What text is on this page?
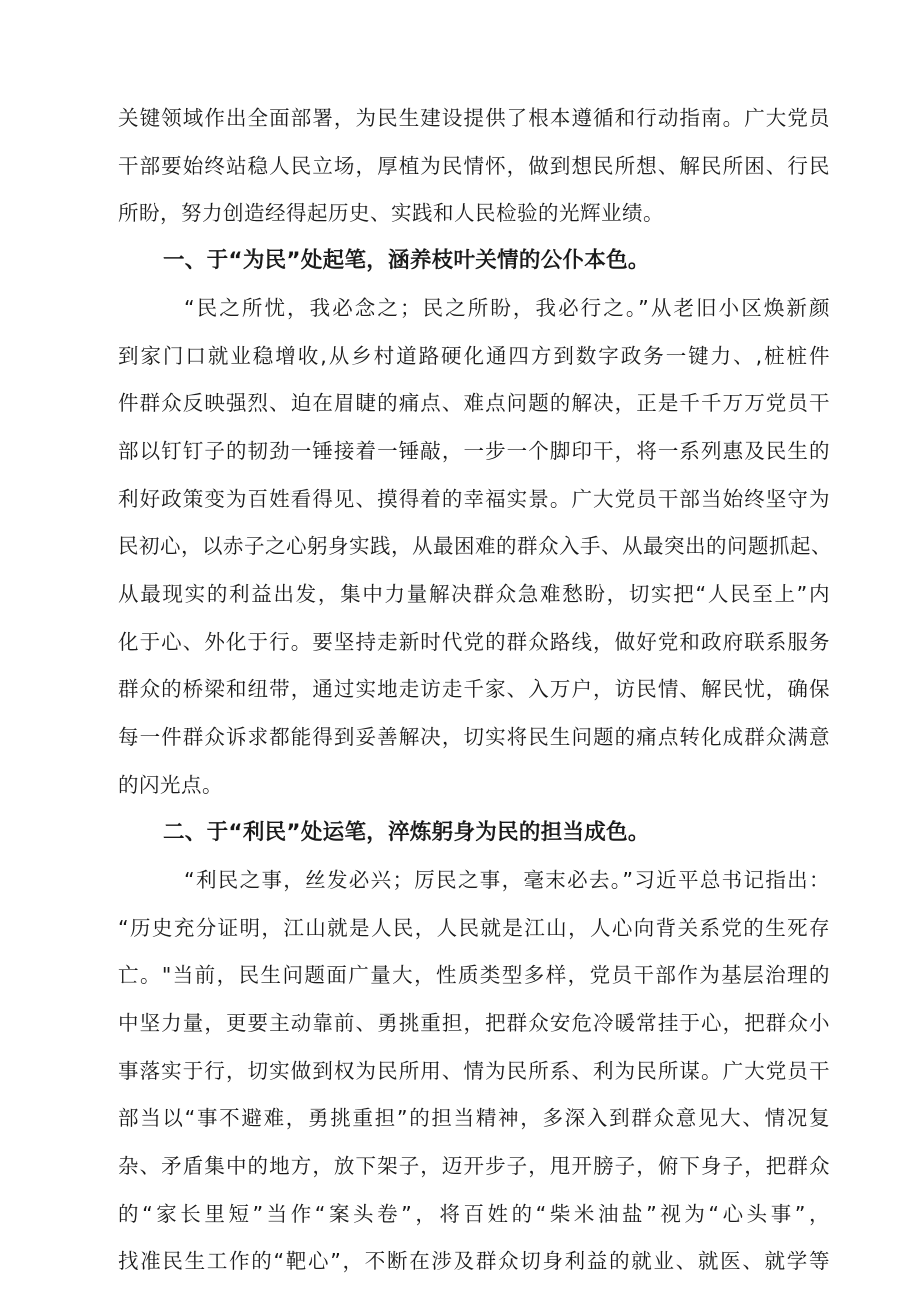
关键领域作出全面部署，为民生建设提供了根本遵循和行动指南。广大党员
干部要始终站稳人民立场，厚植为民情怀，做到想民所想、解民所困、行民
所盼，努力创造经得起历史、实践和人民检验的光辉业绩。
一、于“为民”处起笔，涵养枝叶关情的公仆本色。
“民之所忧，我必念之；民之所盼，我必行之。”从老旧小区焕新颜
到家门口就业稳增收,从乡村道路硬化通四方到数字政务一键力、,桩桩件
件群众反映强烈、迫在眉睫的痛点、难点问题的解决，正是千千万万党员干
部以钉钉子的韧劲一锤接着一锤敲，一步一个脚印干，将一系列惠及民生的
利好政策变为百姓看得见、摸得着的幸福实景。广大党员干部当始终坚守为
民初心，以赤子之心躬身实践，从最困难的群众入手、从最突出的问题抓起、
从最现实的利益出发，集中力量解决群众急难愁盼，切实把“人民至上”内
化于心、外化于行。要坚持走新时代党的群众路线，做好党和政府联系服务
群众的桥梁和纽带，通过实地走访走千家、入万户，访民情、解民忧，确保
每一件群众诉求都能得到妥善解决，切实将民生问题的痛点转化成群众满意
的闪光点。
二、于“利民”处运笔，淬炼躬身为民的担当成色。
“利民之事，丝发必兴；厉民之事，毫末必去。”习近平总书记指出：
“历史充分证明，江山就是人民，人民就是江山，人心向背关系党的生死存
亡。"当前，民生问题面广量大，性质类型多样，党员干部作为基层治理的
中坚力量，更要主动靠前、勇挑重担，把群众安危冷暖常挂于心，把群众小
事落实于行，切实做到权为民所用、情为民所系、利为民所谋。广大党员干
部当以“事不避难，勇挑重担”的担当精神，多深入到群众意见大、情况复
杂、矛盾集中的地方，放下架子，迈开步子，甩开膀子，俯下身子，把群众
的“家长里短”当作“案头卷”，将百姓的“柴米油盐”视为“心头事”，
找准民生工作的“靶心”，不断在涉及群众切身利益的就业、就医、就学等
